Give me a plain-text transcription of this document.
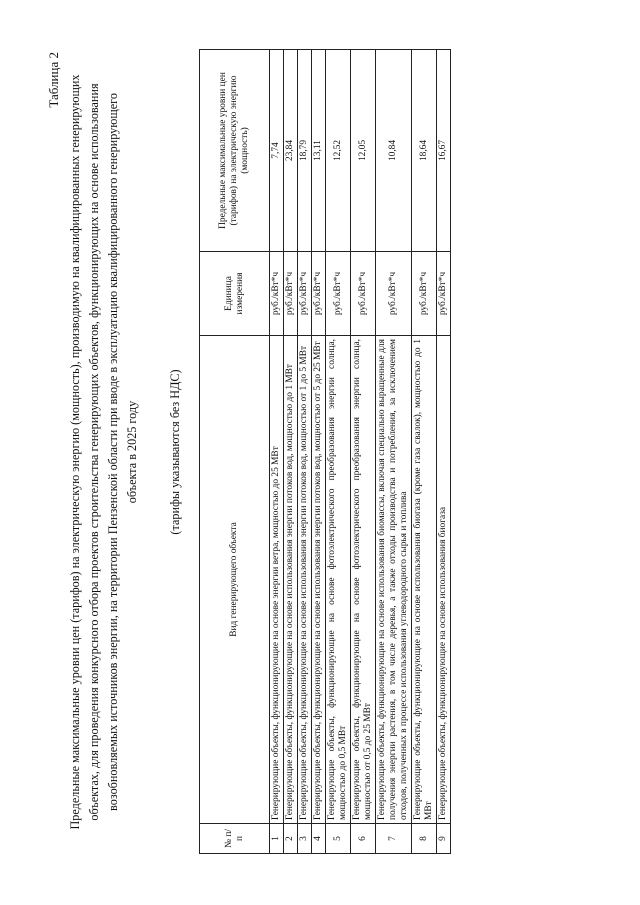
Таблица 2 Предельные максимальные уровни цен (тарифов) на электрическую энергию (мощность), производимую на квалифицированных генерирующих объектах, для проведения конкурсного отбора проектов строительства генерирующих объектов, функционирующих на основе использования возобновляемых источников энергии, на территории Пензенской области при вводе в эксплуатацию квалифицированного генерирующего объекта в 2025 году (тарифы указываются без НДС)
№ п/п	Вид генерирующего объекта	Единица измерения	Предельные максимальные уровни цен (тарифов) на электрическую энергию (мощность)
1	Генерирующие объекты, функционирующие на основе энергии ветра, мощностью до 25 МВт	руб./кВт*ч	7,74
2	Генерирующие объекты, функционирующие на основе использования энергии потоков вод, мощностью до 1 МВт	руб./кВт*ч	23,84
3	Генерирующие объекты, функционирующие на основе использования энергии потоков вод, мощностью от 1 до 5 МВт	руб./кВт*ч	18,79
4	Генерирующие объекты, функционирующие на основе использования энергии потоков вод, мощностью от 5 до 25 МВт	руб./кВт*ч	13,11
5	Генерирующие объекты, функционирующие на основе фотоэлектрического преобразования энергии солнца, мощностью до 0,5 МВт	руб./кВт*ч	12,52
6	Генерирующие объекты, функционирующие на основе фотоэлектрического преобразования энергии солнца, мощностью от 0,5 до 25 МВт	руб./кВт*ч	12,05
7	Генерирующие объекты, функционирующие на основе использования биомассы, включая специально выращенные для получения энергии растения, в том числе деревья, а также отходы производства и потребления, за исключением отходов, полученных в процессе использования углеводородного сырья и топлива	руб./кВт*ч	10,84
8	Генерирующие объекты, функционирующие на основе использования биогаза (кроме газа свалок), мощностью до 1 МВт	руб./кВт*ч	18,64
9	Генерирующие объекты, функционирующие на основе использования биогаза	руб./кВт*ч	16,67
